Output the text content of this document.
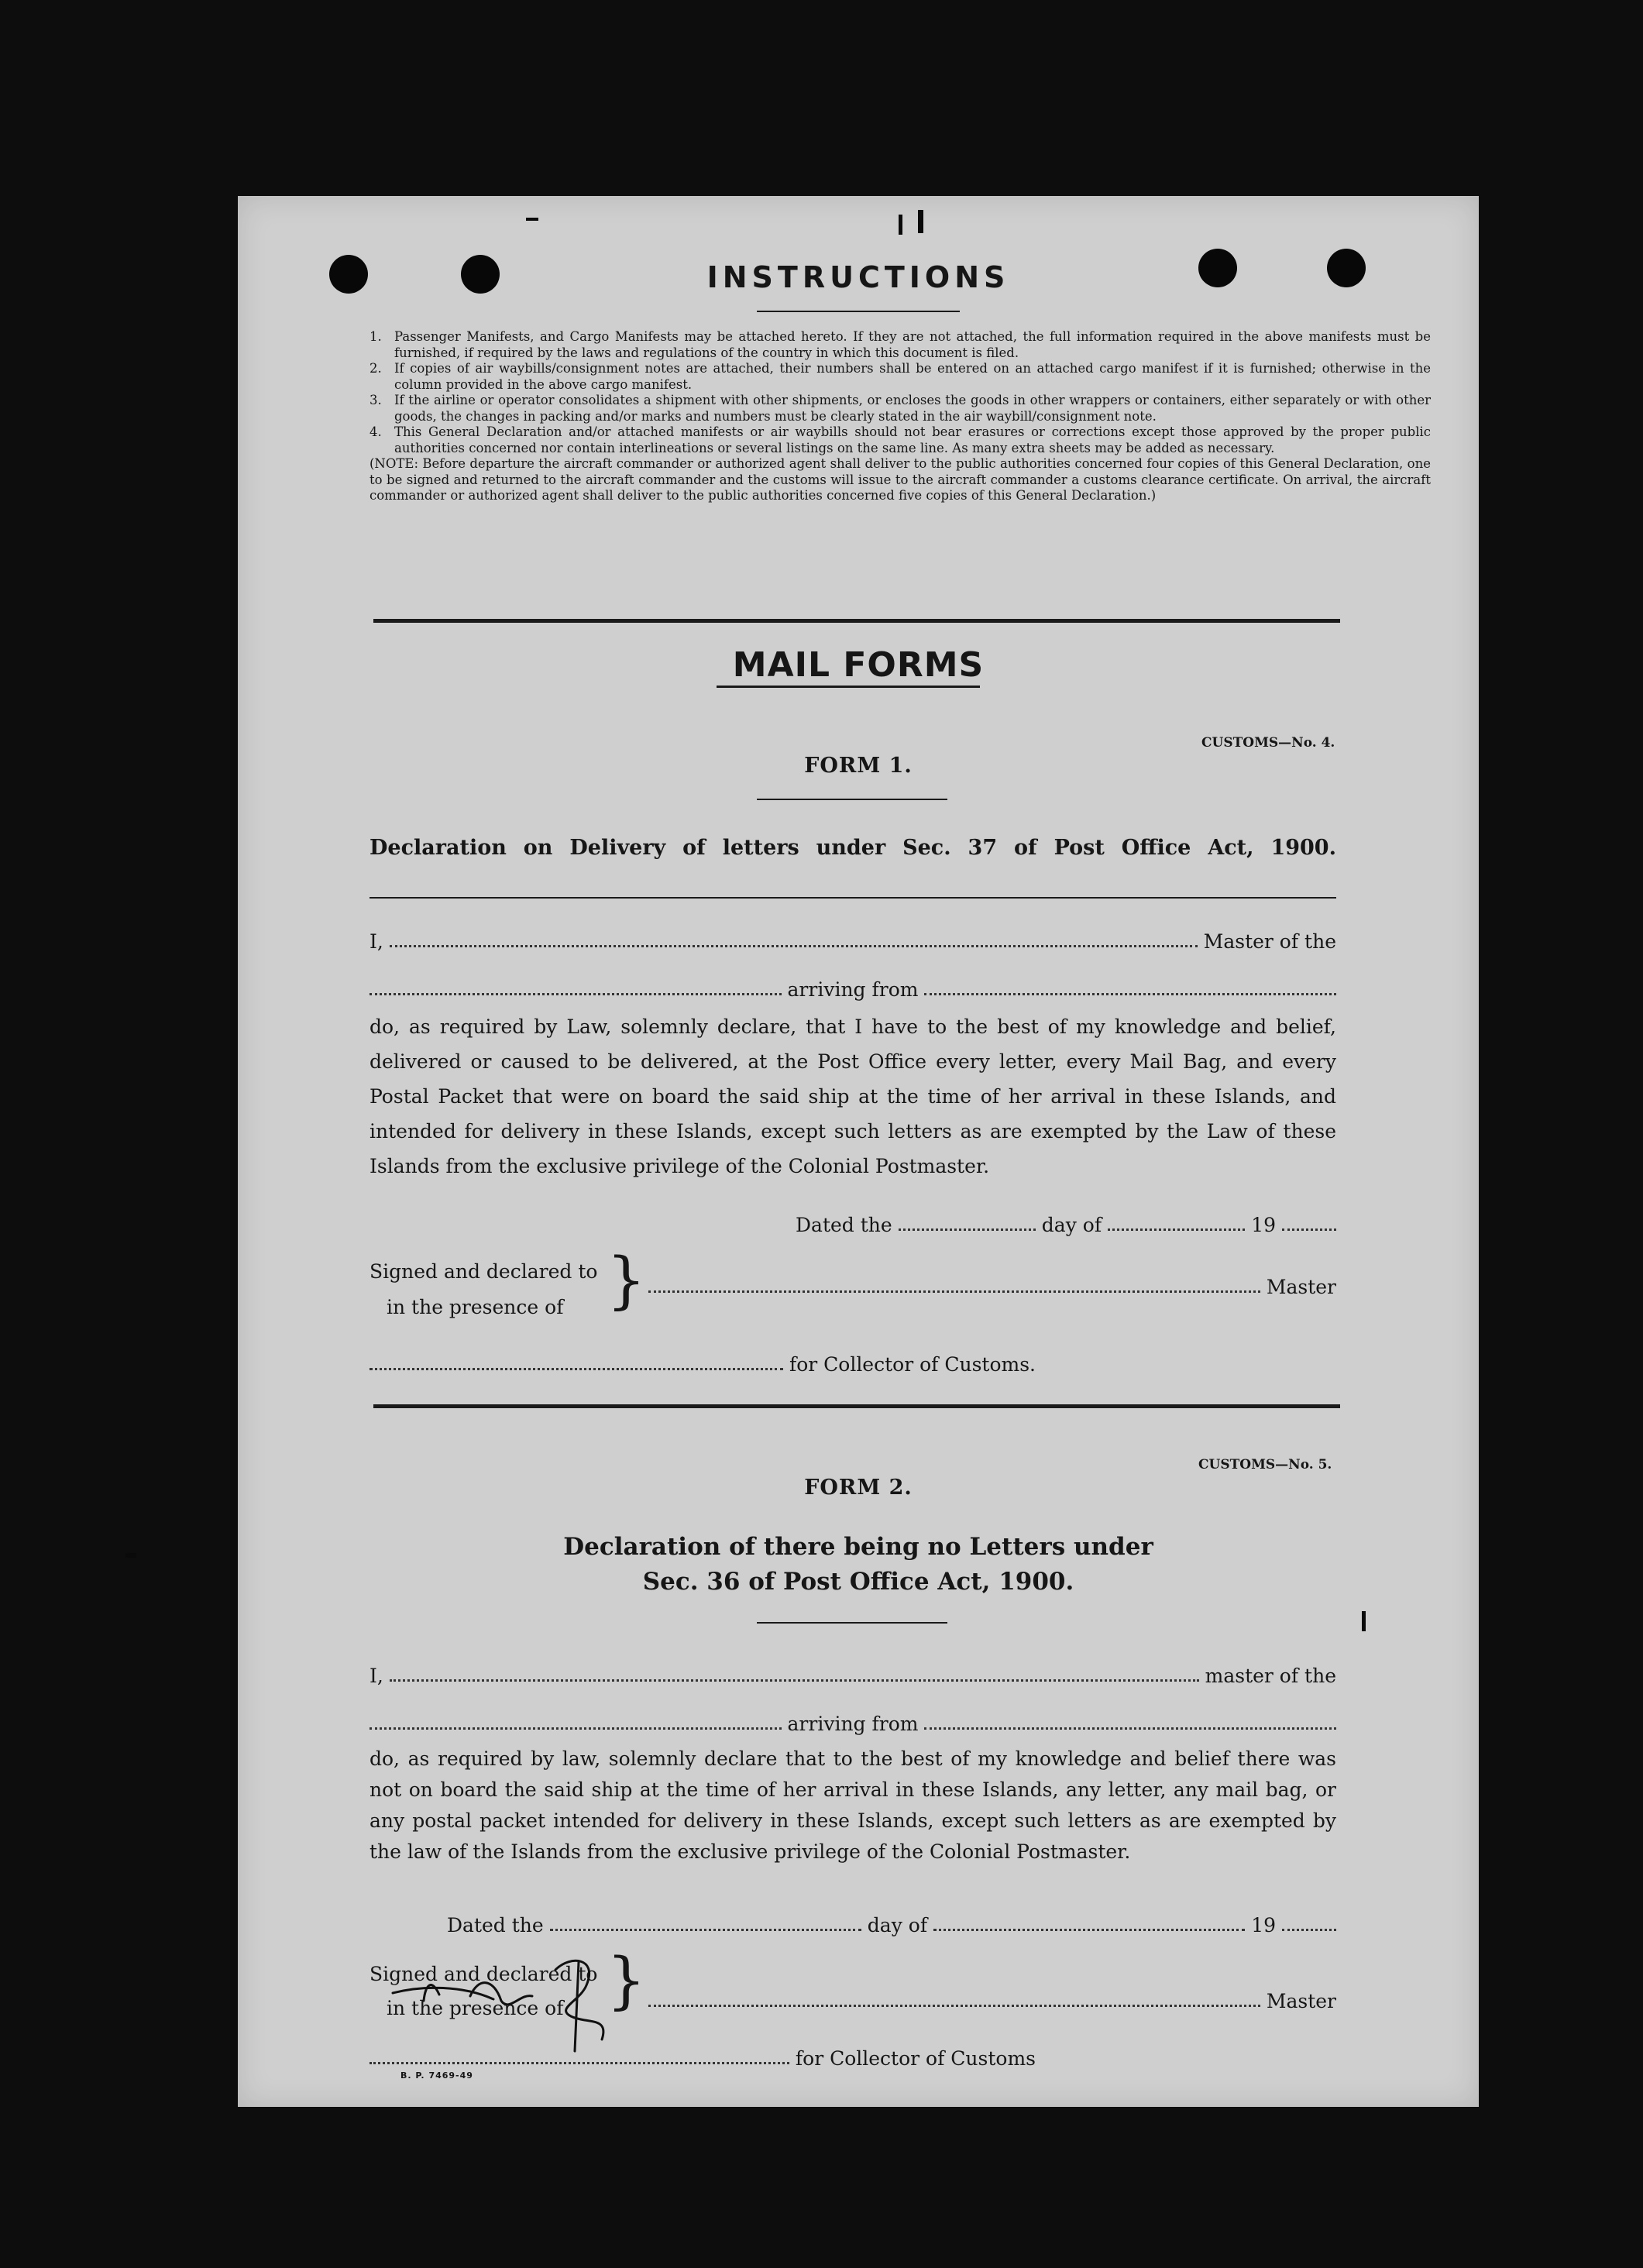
INSTRUCTIONS
1. Passenger Manifests, and Cargo Manifests may be attached hereto. If they are not attached, the full information required in the above manifests must be furnished, if required by the laws and regulations of the country in which this document is filed.
2. If copies of air waybills/consignment notes are attached, their numbers shall be entered on an attached cargo manifest if it is furnished; otherwise in the column provided in the above cargo manifest.
3. If the airline or operator consolidates a shipment with other shipments, or encloses the goods in other wrappers or containers, either separately or with other goods, the changes in packing and/or marks and numbers must be clearly stated in the air waybill/consignment note.
4. This General Declaration and/or attached manifests or air waybills should not bear erasures or corrections except those approved by the proper public authorities concerned nor contain interlineations or several listings on the same line. As many extra sheets may be added as necessary.
(NOTE: Before departure the aircraft commander or authorized agent shall deliver to the public authorities concerned four copies of this General Declaration, one to be signed and returned to the aircraft commander and the customs will issue to the aircraft commander a customs clearance certificate. On arrival, the aircraft commander or authorized agent shall deliver to the public authorities concerned five copies of this General Declaration.)
MAIL FORMS
CUSTOMS—No. 4.
FORM 1.
Declaration on Delivery of letters under Sec. 37 of Post Office Act, 1900.
I,	Master of the
arriving from
do, as required by Law, solemnly declare, that I have to the best of my knowledge and belief, delivered or caused to be delivered, at the Post Office every letter, every Mail Bag, and every Postal Packet that were on board the said ship at the time of her arrival in these Islands, and intended for delivery in these Islands, except such letters as are exempted by the Law of these Islands from the exclusive privilege of the Colonial Postmaster.
Dated the	day of	19
Signed and declared to
in the presence of }	Master
for Collector of Customs.
CUSTOMS—No. 5.
FORM 2.
Declaration of there being no Letters under
Sec. 36 of Post Office Act, 1900.
I,	master of the
arriving from
do, as required by law, solemnly declare that to the best of my knowledge and belief there was not on board the said ship at the time of her arrival in these Islands, any letter, any mail bag, or any postal packet intended for delivery in these Islands, except such letters as are exempted by the law of the Islands from the exclusive privilege of the Colonial Postmaster.
Dated the	day of	19
Signed and declared to
in the presence of }	Master
for Collector of Customs
B. P. 7469-49
